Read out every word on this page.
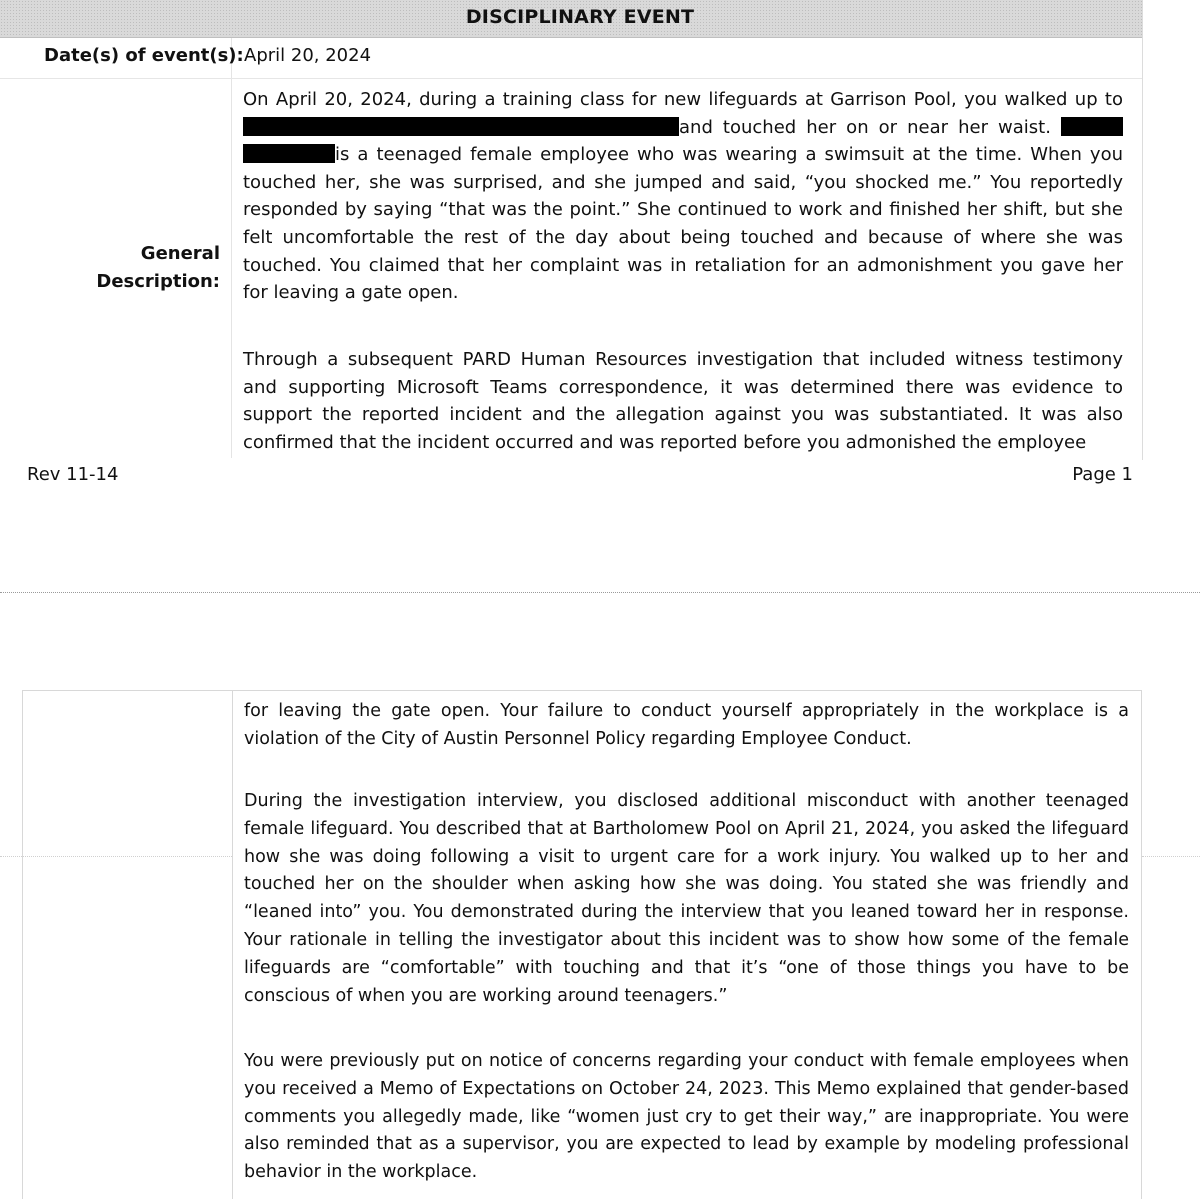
DISCIPLINARY EVENT
Date(s) of event(s): April 20, 2024
General
Description:
On April 20, 2024, during a training class for new lifeguards at Garrison Pool, you walked up to and touched her on or near her waist.  is a teenaged female employee who was wearing a swimsuit at the time. When you touched her, she was surprised, and she jumped and said, “you shocked me.” You reportedly responded by saying “that was the point.” She continued to work and finished her shift, but she felt uncomfortable the rest of the day about being touched and because of where she was touched. You claimed that her complaint was in retaliation for an admonishment you gave her for leaving a gate open.
Through a subsequent PARD Human Resources investigation that included witness testimony and supporting Microsoft Teams correspondence, it was determined there was evidence to support the reported incident and the allegation against you was substantiated. It was also confirmed that the incident occurred and was reported before you admonished the employee
Rev 11-14	Page 1
for leaving the gate open. Your failure to conduct yourself appropriately in the workplace is a violation of the City of Austin Personnel Policy regarding Employee Conduct.
During the investigation interview, you disclosed additional misconduct with another teenaged female lifeguard. You described that at Bartholomew Pool on April 21, 2024, you asked the lifeguard how she was doing following a visit to urgent care for a work injury. You walked up to her and touched her on the shoulder when asking how she was doing. You stated she was friendly and “leaned into” you. You demonstrated during the interview that you leaned toward her in response. Your rationale in telling the investigator about this incident was to show how some of the female lifeguards are “comfortable” with touching and that it’s “one of those things you have to be conscious of when you are working around teenagers.”
You were previously put on notice of concerns regarding your conduct with female employees when you received a Memo of Expectations on October 24, 2023. This Memo explained that gender-based comments you allegedly made, like “women just cry to get their way,” are inappropriate. You were also reminded that as a supervisor, you are expected to lead by example by modeling professional behavior in the workplace.
